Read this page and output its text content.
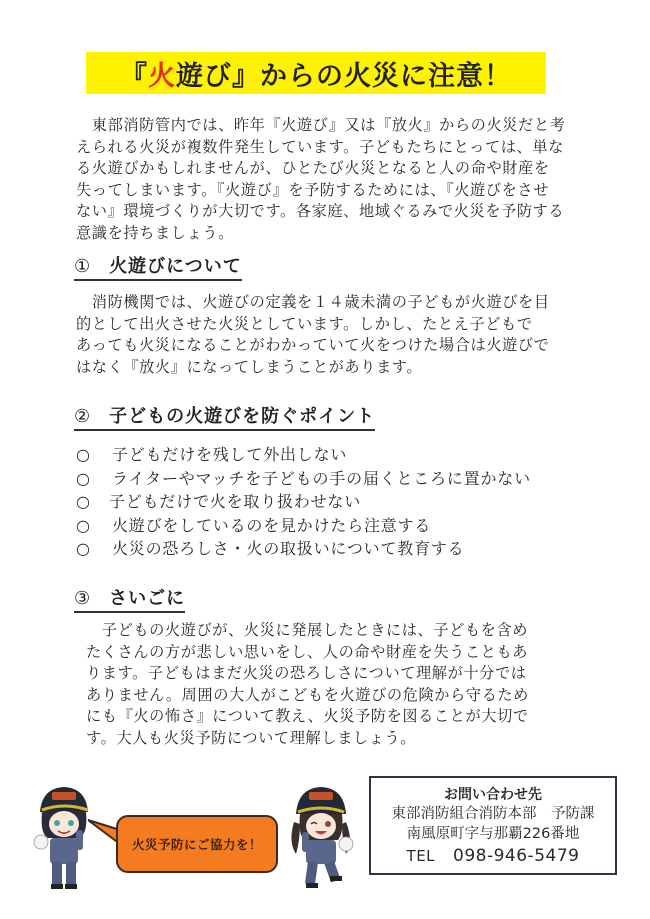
『 火 遊び』からの火災に注意！

　東部消防管内では、昨年『火遊び』又は『放火』からの火災だと考

えられる火災が複数件発生しています。子どもたちにとっては、単な

る火遊びかもしれませんが、ひとたび火災となると人の命や財産を

失ってしまいます。『火遊び』を予防するためには、『火遊びをさせ

ない』環境づくりが大切です。各家庭、地域ぐるみで火災を予防する

意識を持ちましょう。

① 火遊びについて

　消防機関では、火遊びの定義を１４歳未満の子どもが火遊びを目

的として出火させた火災としています。しかし、たとえ子どもで

あっても火災になることがわかっていて火をつけた場合は火遊びで

はなく『放火』になってしまうことがあります。

② 子どもの火遊びを防ぐポイント
○	子どもだけを残して外出しない
○	ライターやマッチを子どもの手の届くところに置かない
○	子どもだけで火を取り扱わせない
○	火遊びをしているのを見かけたら注意する
○	火災の恐ろしさ・火の取扱いについて教育する
③ さいごに

　子どもの火遊びが、火災に発展したときには、子どもを含め

たくさんの方が悲しい思いをし、人の命や財産を失うこともあ

ります。子どもはまだ火災の恐ろしさについて理解が十分では

ありません。周囲の大人がこどもを火遊びの危険から守るため

にも『火の怖さ』について教え、火災予防を図ることが大切で

す。大人も火災予防について理解しましょう。

火災予防にご協力を！
お問い合わせ先
東部消防組合消防本部　予防課
南風原町字与那覇226番地
TEL 098-946-5479
